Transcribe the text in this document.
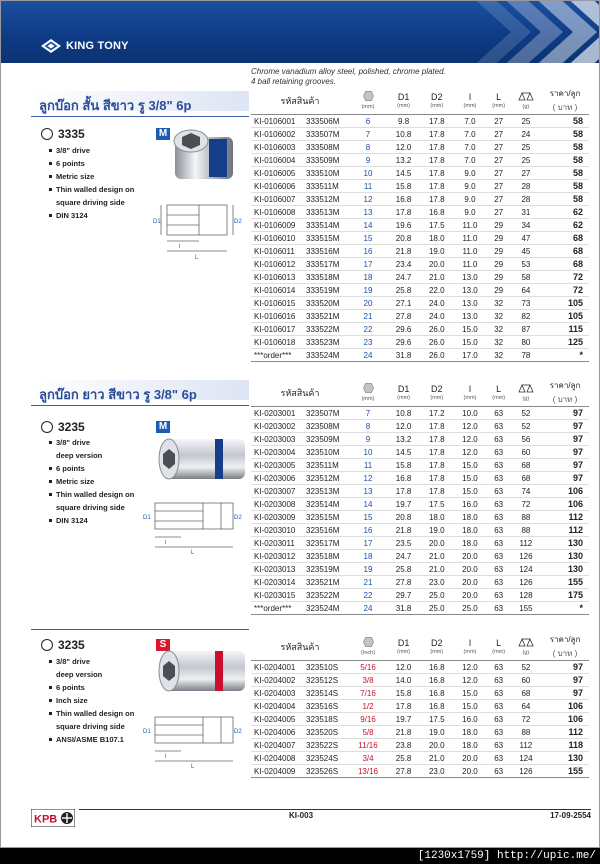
KING TONY
Chrome vanadium alloy steel, polished, chrome plated.
4 ball retaining grooves.
ลูกบ๊อก สั้น สีขาว รู 3/8" 6p
3335	M
3/8" drive
6 points
Metric size
Thin walled design on
square driving side
DIN 3124
D1	D2
l
L
รหัสสินค้า		(mm)	D1
(mm)	D2
(mm)	l
(mm)	L
(mm)	(g)	ราคา/ลูก
( บาท )

KI-0106001	333506M	6	9.8	17.8	7.0	27	25	58
KI-0106002	333507M	7	10.8	17.8	7.0	27	24	58
KI-0106003	333508M	8	12.0	17.8	7.0	27	25	58
KI-0106004	333509M	9	13.2	17.8	7.0	27	25	58
KI-0106005	333510M	10	14.5	17.8	9.0	27	27	58
KI-0106006	333511M	11	15.8	17.8	9.0	27	28	58
KI-0106007	333512M	12	16.8	17.8	9.0	27	28	58
KI-0106008	333513M	13	17.8	16.8	9.0	27	31	62
KI-0106009	333514M	14	19.6	17.5	11.0	29	34	62
KI-0106010	333515M	15	20.8	18.0	11.0	29	47	68
KI-0106011	333516M	16	21.8	19.0	11.0	29	45	68
KI-0106012	333517M	17	23.4	20.0	11.0	29	53	68
KI-0106013	333518M	18	24.7	21.0	13.0	29	58	72
KI-0106014	333519M	19	25.8	22.0	13.0	29	64	72
KI-0106015	333520M	20	27.1	24.0	13.0	32	73	105
KI-0106016	333521M	21	27.8	24.0	13.0	32	82	105
KI-0106017	333522M	22	29.6	26.0	15.0	32	87	115
KI-0106018	333523M	23	29.6	26.0	15.0	32	80	125
***order***	333524M	24	31.8	26.0	17.0	32	78	*
ลูกบ๊อก ยาว สีขาว รู 3/8" 6p
3235	M
3/8" drive
deep version
6 points
Metric size
Thin walled design on
square driving side
DIN 3124	D1	D2
l
L
รหัสสินค้า		(mm)	D1
(mm)	D2
(mm)	l
(mm)	L
(mm)	(g)	ราคา/ลูก
( บาท )

KI-0203001	323507M	7	10.8	17.2	10.0	63	52	97
KI-0203002	323508M	8	12.0	17.8	12.0	63	52	97
KI-0203003	323509M	9	13.2	17.8	12.0	63	56	97
KI-0203004	323510M	10	14.5	17.8	12.0	63	60	97
KI-0203005	323511M	11	15.8	17.8	15.0	63	68	97
KI-0203006	323512M	12	16.8	17.8	15.0	63	68	97
KI-0203007	323513M	13	17.8	17.8	15.0	63	74	106
KI-0203008	323514M	14	19.7	17.5	16.0	63	72	106
KI-0203009	323515M	15	20.8	18.0	18.0	63	88	112
KI-0203010	323516M	16	21.8	19.0	18.0	63	88	112
KI-0203011	323517M	17	23.5	20.0	18.0	63	112	130
KI-0203012	323518M	18	24.7	21.0	20.0	63	126	130
KI-0203013	323519M	19	25.8	21.0	20.0	63	124	130
KI-0203014	323521M	21	27.8	23.0	20.0	63	126	155
KI-0203015	323522M	22	29.7	25.0	20.0	63	128	175
***order***	323524M	24	31.8	25.0	25.0	63	155	*
3235	S
3/8" drive
deep version
6 points
Inch size
Thin walled design on
square driving side
ANSI/ASME B107.1
D1	D2
l
L
รหัสสินค้า		(Inch)	D1
(mm)	D2
(mm)	l
(mm)	L
(mm)	(g)	ราคา/ลูก
( บาท )

KI-0204001	323510S	5/16	12.0	16.8	12.0	63	52	97
KI-0204002	323512S	3/8	14.0	16.8	12.0	63	60	97
KI-0204003	323514S	7/16	15.8	16.8	15.0	63	68	97
KI-0204004	323516S	1/2	17.8	16.8	15.0	63	64	106
KI-0204005	323518S	9/16	19.7	17.5	16.0	63	72	106
KI-0204006	323520S	5/8	21.8	19.0	18.0	63	88	112
KI-0204007	323522S	11/16	23.8	20.0	18.0	63	112	118
KI-0204008	323524S	3/4	25.8	21.0	20.0	63	124	130
KI-0204009	323526S	13/16	27.8	23.0	20.0	63	126	155
KPB	KI-003	17-09-2554
[1230x1759] http://upic.me/
